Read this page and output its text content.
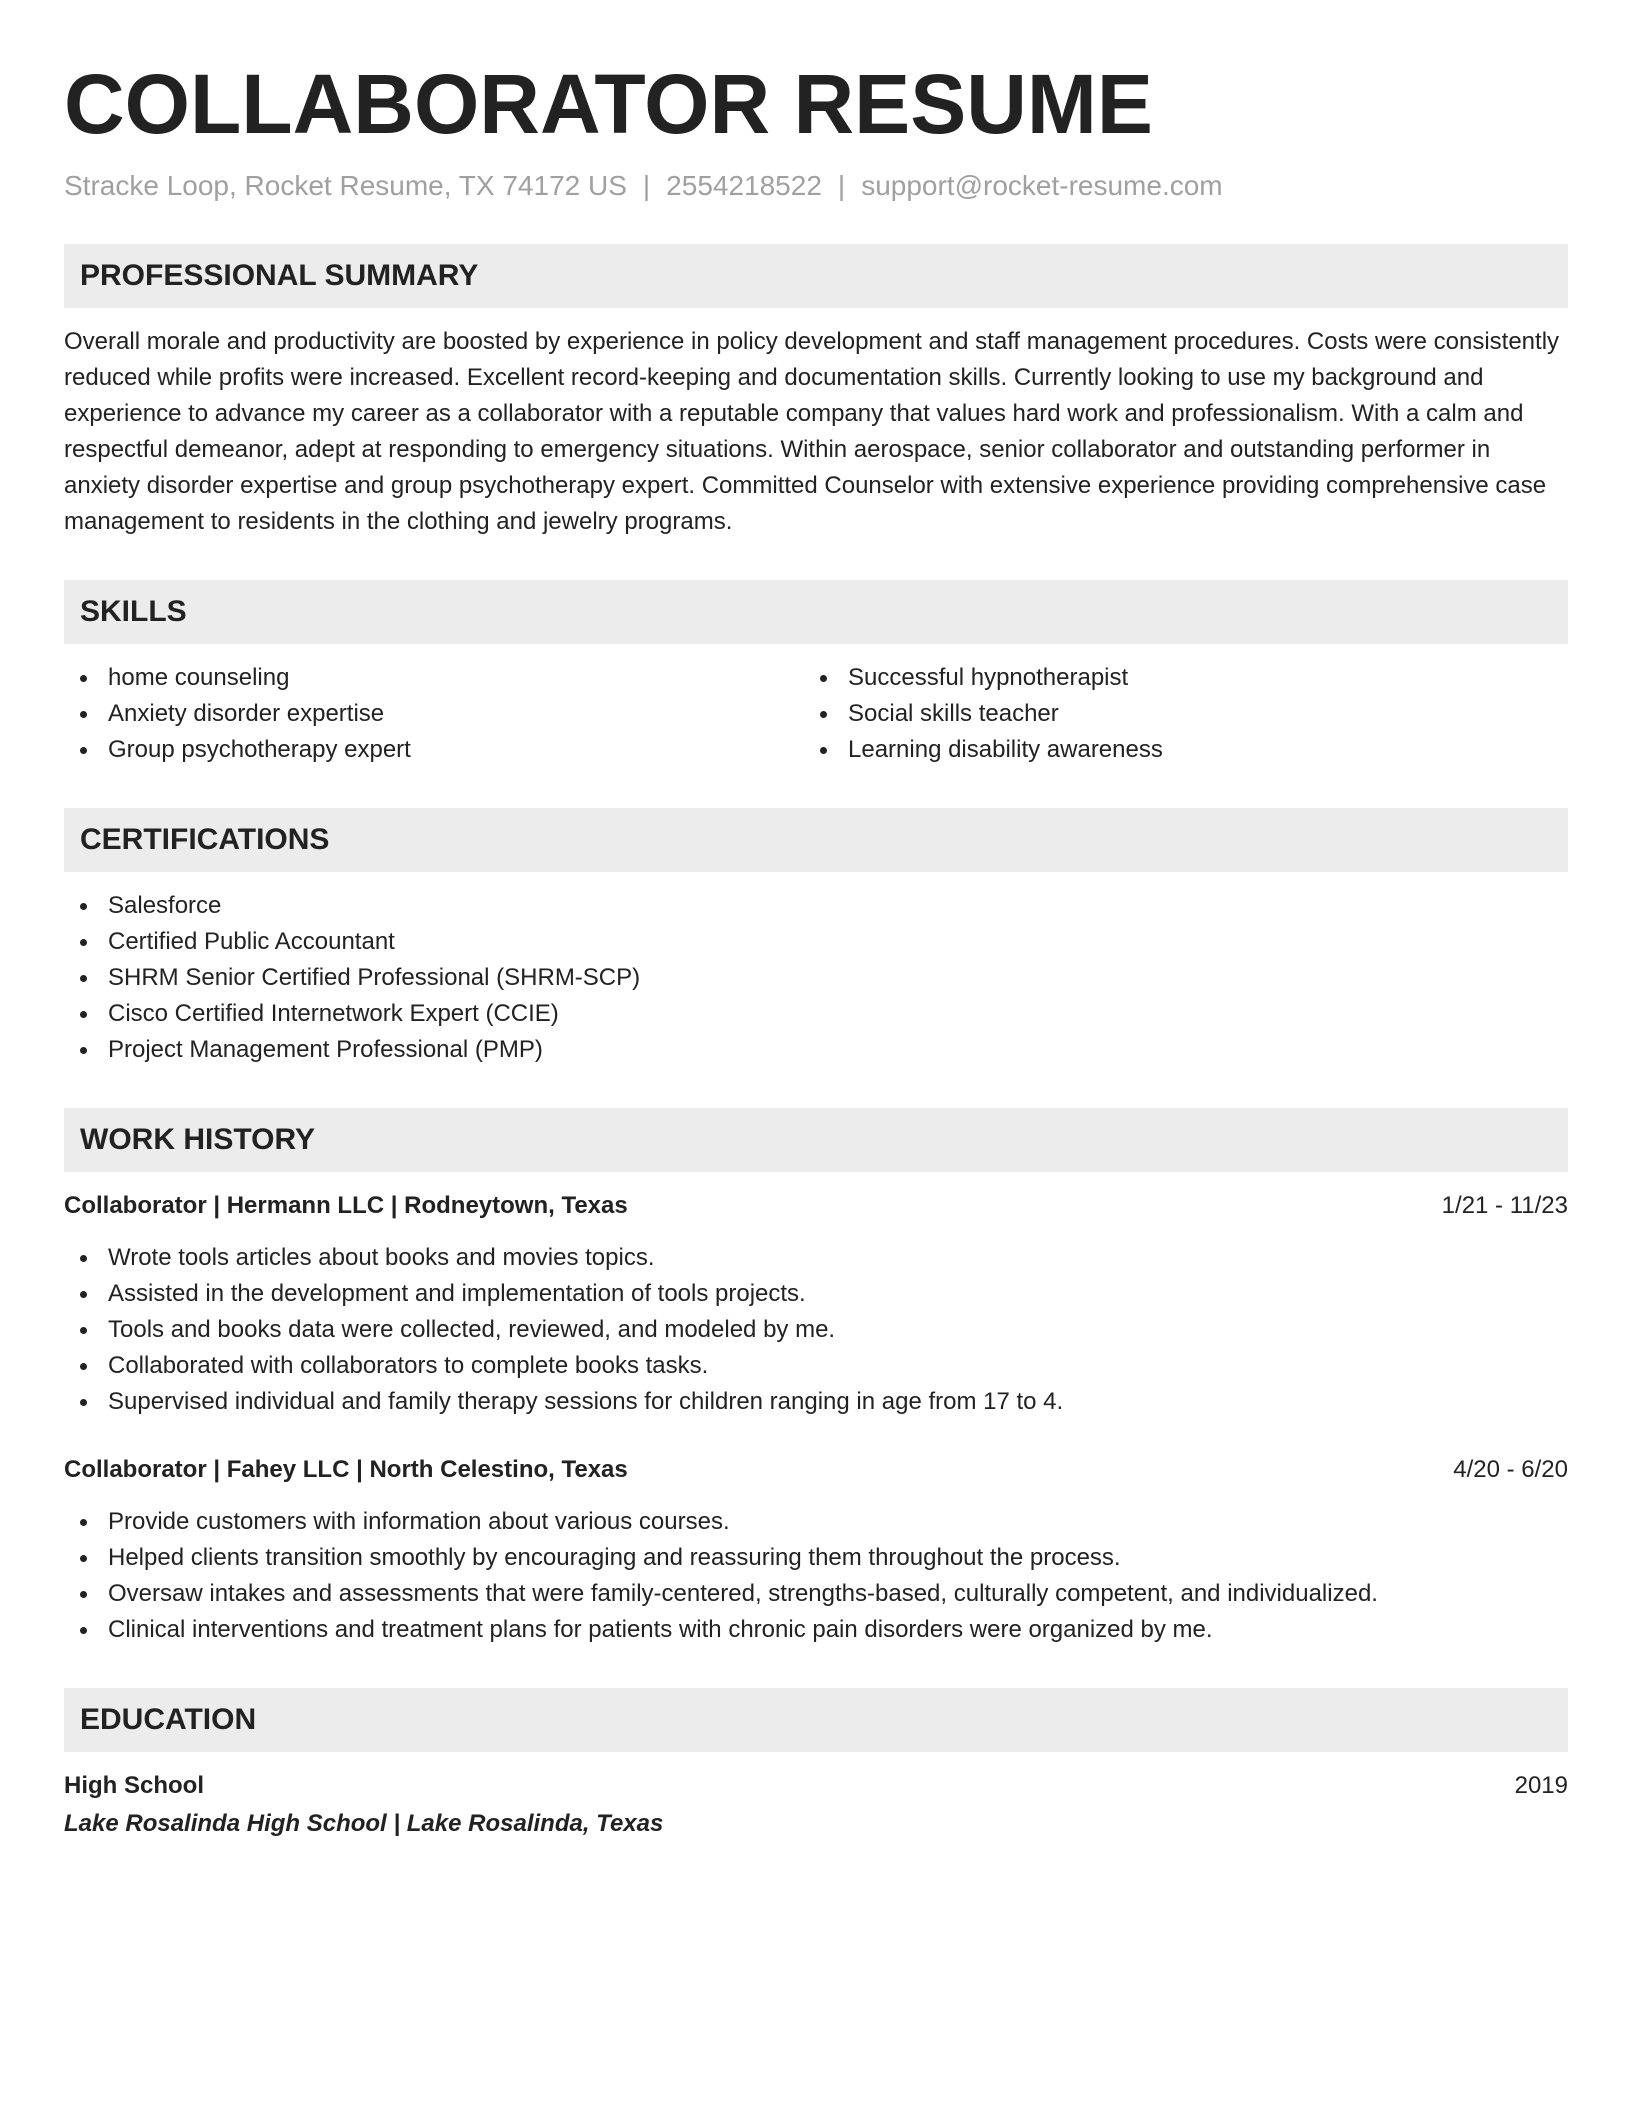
COLLABORATOR RESUME
Stracke Loop, Rocket Resume, TX 74172 US | 2554218522 | support@rocket-resume.com
PROFESSIONAL SUMMARY
Overall morale and productivity are boosted by experience in policy development and staff management procedures. Costs were consistently reduced while profits were increased. Excellent record-keeping and documentation skills. Currently looking to use my background and experience to advance my career as a collaborator with a reputable company that values hard work and professionalism. With a calm and respectful demeanor, adept at responding to emergency situations. Within aerospace, senior collaborator and outstanding performer in anxiety disorder expertise and group psychotherapy expert. Committed Counselor with extensive experience providing comprehensive case management to residents in the clothing and jewelry programs.
SKILLS
home counseling
Anxiety disorder expertise
Group psychotherapy expert
Successful hypnotherapist
Social skills teacher
Learning disability awareness
CERTIFICATIONS
Salesforce
Certified Public Accountant
SHRM Senior Certified Professional (SHRM-SCP)
Cisco Certified Internetwork Expert (CCIE)
Project Management Professional (PMP)
WORK HISTORY
Collaborator | Hermann LLC | Rodneytown, Texas	1/21 - 11/23
Wrote tools articles about books and movies topics.
Assisted in the development and implementation of tools projects.
Tools and books data were collected, reviewed, and modeled by me.
Collaborated with collaborators to complete books tasks.
Supervised individual and family therapy sessions for children ranging in age from 17 to 4.
Collaborator | Fahey LLC | North Celestino, Texas	4/20 - 6/20
Provide customers with information about various courses.
Helped clients transition smoothly by encouraging and reassuring them throughout the process.
Oversaw intakes and assessments that were family-centered, strengths-based, culturally competent, and individualized.
Clinical interventions and treatment plans for patients with chronic pain disorders were organized by me.
EDUCATION
High School	2019
Lake Rosalinda High School | Lake Rosalinda, Texas
